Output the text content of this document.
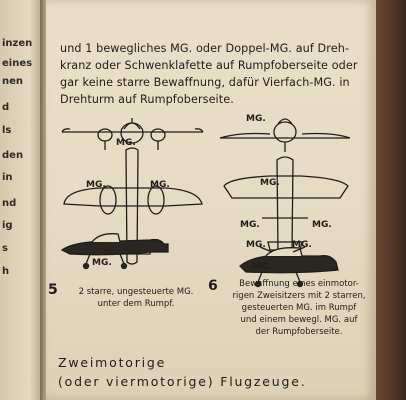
inzen
eines
nen
d
ls
den
in
nd
ig
s
h
und 1 bewegliches MG. oder Doppel-MG. auf Dreh-
kranz oder Schwenklafette auf Rumpfoberseite oder
gar keine starre Bewaffnung, dafür Vierfach-MG. in
Drehturm auf Rumpfoberseite.
MG.
MG.	MG.
MG.
MG.
MG.
MG.	MG.
MG.	MG.
MG.
5	2 starre, ungesteuerte MG.
unter dem Rumpf.
6	Bewaffnung eines einmotor-
rigen Zweisitzers mit 2 starren,
gesteuerten MG. im Rumpf
und einem bewegl. MG. auf
der Rumpfoberseite.
Zweimotorige
(oder viermotorige) Flugzeuge.
